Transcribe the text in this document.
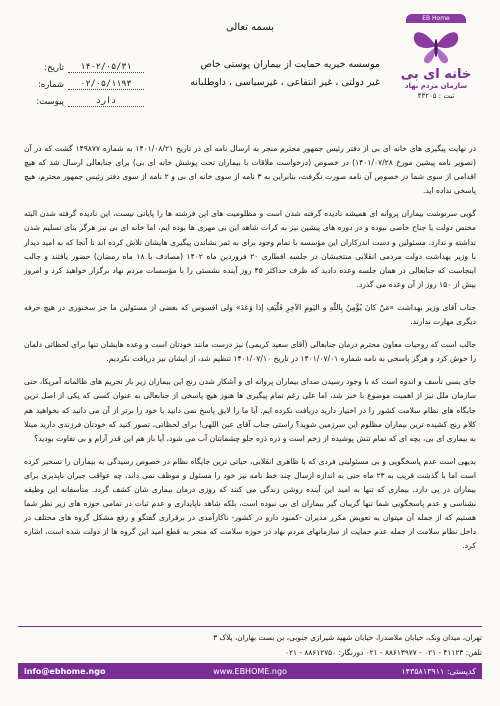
بسمه تعالی
EB Home
خانه ای بی
سازمان مردم نهاد
ثبت : ۴۳۲۰۵
موسسه خیریه حمایت از بیماران پوستی خاص
غیر دولتی ، غیر انتفاعی ، غیرسیاسی ، داوطلبانه
تاریخ:	۱۴۰۲/۰۵/۳۱
شماره:	۰۲/۰۵/۱۱۹۳
پیوست:	دارد

در نهایت پیگیری های خانه ای بی از دفتر رئیس جمهور محترم منجر به ارسال نامه ای در تاریخ ۱۴۰۱/۰۸/۲۱ به شماره ۱۴۹۸۷۷ گشت که در آن (تصویر نامه پیشین مورخ ۱۴۰۱/۰۷/۲۸) در خصوص (درخواست ملاقات با بیماران تحت پوشش خانه ای بی) برای جنابعالی ارسال شد که هیچ اقدامی از سوی شما در خصوص آن نامه صورت نگرفت، بنابراین به ۳ نامه از سوی خانه ای بی و ۲ نامه از سوی دفتر رئیس جمهور محترم، هیچ پاسخی نداده اید.

گویی سرنوشت بیماران پروانه ای همیشه نادیده گرفته شدن است و مظلومیت های این فرشته ها را پایانی نیست، این نادیده گرفته شدن البته مختص دولت یا جناح خاصی نبوده و در دوره های پیشین نیز به کرات شاهد این بی مهری ها بوده ایم، اما خانه ای بی نیز هرگز بنای تسلیم شدن نداشته و ندارد. مسئولین و دست اندرکاران این مؤسسه با تمام وجود برای به ثمر نشاندن پیگیری هایشان تلاش کرده اند تا آنجا که به امید دیدار با وزیر بهداشت دولت مردمی انقلابی منتخبشان در جلسه افطاری ۲۰ فروردین ماه ۱۴۰۲ (مصادف با ۱۸ ماه رمضان) حضور یافتند و جالب اینجاست که جنابعالی در همان جلسه وعده دادید که ظرف حداکثر ۴۵ روز آینده نشستی را با مؤسسات مردم نهاد برگزار خواهید کرد و امروز بیش از ۱۵۰ روز از آن وعده می گذرد.

جناب آقای وزیر بهداشت «مَنْ كانَ يُؤْمِنُ بِاللّهِ و اليَومِ الآخِرِ فَلْيَفِ إذا وَعَدَ» ولی افسوس که بعضی از مسئولین ما جز سخنوری در هیچ حرفه دیگری مهارت ندارند.

جالب است که روحیات معاون محترم درمان جنابعالی (آقای سعید کریمی) نیز درست مانند خودتان است و وعده هایشان تنها برای لحظاتی دلمان را خوش کرد و هرگز پاسخی به نامه شماره ۱۴۰۱/۰۷/۰۱ در تاریخ ۱۴۰۱/۰۷/۱۰ تنظیم شد، از ایشان نیز دریافت نکردیم.

جای بسی تأسف و اندوه است که با وجود رسیدن صدای بیماران پروانه ای و آشکار شدن رنج این بیماران زیر بار تحریم های ظالمانه آمریکا، حتی سازمان ملل نیز از اهمیت موضوع با خبر شد، اما علی رغم تمام پیگیری ها هنوز هیچ پاسخی از جنابعالی به عنوان کسی که یکی از اصل ترین جایگاه های نظام سلامت کشور را در اختیار دارید دریافت نکرده ایم. آیا ما را لایق پاسخ نمی دانید یا خود را برتر از آن می دانید که بخواهید هم کلام رنج کشیده ترین بیماران مظلوم این سرزمین شوید؟ راستی جناب آقای عین اللهی! برای لحظاتی، تصور کنید که خودتان فرزندی دارید مبتلا به بیماری ای بی، بچه ای که تمام تنش پوشیده از زخم است و ذره ذره جلو چشمانتان آب می شود، آیا باز هم این قدر آرام و بی تفاوت بودید؟

بدیهی است عدم پاسخگویی و بی مسئولیتی فردی که با ظاهری انقلابی، حیاتی ترین جایگاه نظام در خصوص رسیدگی به بیماران را تسخیر کرده است اما با گذشت قریب به ۲۳ ماه حتی به اندازه ارسال چند خط نامه نیز خود را مسئول و موظف نمی داند، چه عواقب جبران ناپذیری برای بیماران در پی دارد. بیماری که تنها به امید این آینده روشن زندگی می کنند که روزی درمان بیماری شان کشف گردد. متأسفانه این وظیفه نشناسی و عدم پاسخگویی شما تنها گریبان گیر بیماران ای بی نبوده است، بلکه شاهد ناپایداری و عدم ثبات در تمامی حوزه های زیر نظر شما هستیم که از جمله آن میتوان به تعویض مکرر مدیران -کمبود دارو در کشور- ناکارآمدی در برقراری گفتگو و رفع مشکل گروه های مختلف در داخل نظام سلامت از جمله عدم حمایت از سازمانهای مردم نهاد در حوزه سلامت که منجر به قطع امید این گروه ها از دولت شده است، اشاره کرد.

تهران، میدان ونک، خیابان ملاصدرا، خیابان شهید شیرازی جنوبی، بن بست بهاران، پلاک ۳
تلفن: ۴۱۱۲۳ - ۰۲۱ - ۸۸۶۱۳۹۷۷ - ۰۲۱ دورنگار: ۸۸۶۱۲۷۵۰ - ۰۲۱
info@ebhome.ngo	www.EBHOME.ngo	کدپستی: ۱۴۳۵۸۱۳۹۱۱
